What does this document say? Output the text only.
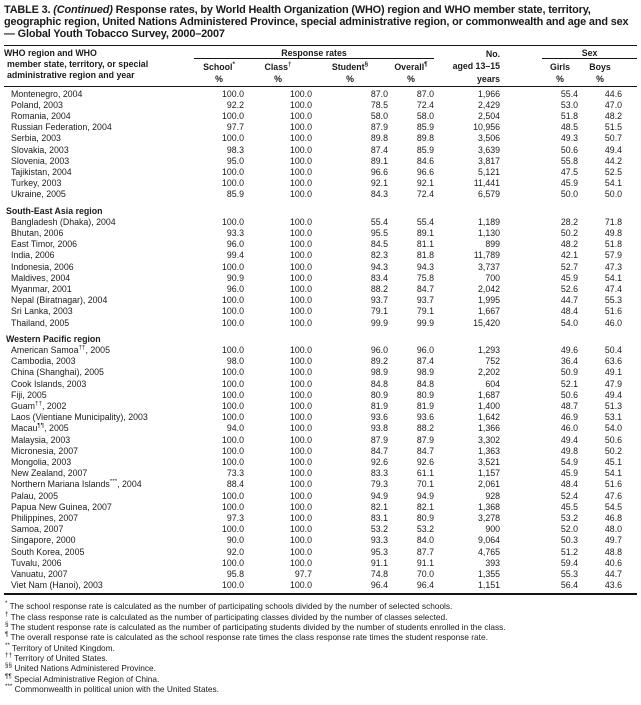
TABLE 3. (Continued) Response rates, by World Health Organization (WHO) region and WHO member state, territory, geographic region, United Nations Administered Province, special administrative region, or commonwealth and age and sex — Global Youth Tobacco Survey, 2000–2007
WHO region and WHO
member state, territory, or special
administrative region and year
	Response rates	No.
aged 13–15
years
		Sex

School*
%

Class†
%

Student§
%

Overall¶
%

Girls
%

Boys
%

Montenegro, 2004	100.0	100.0	87.0	87.0	1,966		55.4	44.6
Poland, 2003	92.2	100.0	78.5	72.4	2,429		53.0	47.0
Romania, 2004	100.0	100.0	58.0	58.0	2,504		51.8	48.2
Russian Federation, 2004	97.7	100.0	87.9	85.9	10,956		48.5	51.5
Serbia, 2003	100.0	100.0	89.8	89.8	3,506		49.3	50.7
Slovakia, 2003	98.3	100.0	87.4	85.9	3,639		50.6	49.4
Slovenia, 2003	95.0	100.0	89.1	84.6	3,817		55.8	44.2
Tajikistan, 2004	100.0	100.0	96.6	96.6	5,121		47.5	52.5
Turkey, 2003	100.0	100.0	92.1	92.1	11,441		45.9	54.1
Ukraine, 2005	85.9	100.0	84.3	72.4	6,579		50.0	50.0
South-East Asia region								
Bangladesh (Dhaka), 2004	100.0	100.0	55.4	55.4	1,189		28.2	71.8
Bhutan, 2006	93.3	100.0	95.5	89.1	1,130		50.2	49.8
East Timor, 2006	96.0	100.0	84.5	81.1	899		48.2	51.8
India, 2006	99.4	100.0	82.3	81.8	11,789		42.1	57.9
Indonesia, 2006	100.0	100.0	94.3	94.3	3,737		52.7	47.3
Maldives, 2004	90.9	100.0	83.4	75.8	700		45.9	54.1
Myanmar, 2001	96.0	100.0	88.2	84.7	2,042		52.6	47.4
Nepal (Biratnagar), 2004	100.0	100.0	93.7	93.7	1,995		44.7	55.3
Sri Lanka, 2003	100.0	100.0	79.1	79.1	1,667		48.4	51.6
Thailand, 2005	100.0	100.0	99.9	99.9	15,420		54.0	46.0
Western Pacific region								
American Samoa††, 2005	100.0	100.0	96.0	96.0	1,293		49.6	50.4
Cambodia, 2003	98.0	100.0	89.2	87.4	752		36.4	63.6
China (Shanghai), 2005	100.0	100.0	98.9	98.9	2,202		50.9	49.1
Cook Islands, 2003	100.0	100.0	84.8	84.8	604		52.1	47.9
Fiji, 2005	100.0	100.0	80.9	80.9	1,687		50.6	49.4
Guam††, 2002	100.0	100.0	81.9	81.9	1,400		48.7	51.3
Laos (Vientiane Municipality), 2003	100.0	100.0	93.6	93.6	1,642		46.9	53.1
Macau¶¶, 2005	94.0	100.0	93.8	88.2	1,366		46.0	54.0
Malaysia, 2003	100.0	100.0	87.9	87.9	3,302		49.4	50.6
Micronesia, 2007	100.0	100.0	84.7	84.7	1,363		49.8	50.2
Mongolia, 2003	100.0	100.0	92.6	92.6	3,521		54.9	45.1
New Zealand, 2007	73.3	100.0	83.3	61.1	1,157		45.9	54.1
Northern Mariana Islands***, 2004	88.4	100.0	79.3	70.1	2,061		48.4	51.6
Palau, 2005	100.0	100.0	94.9	94.9	928		52.4	47.6
Papua New Guinea, 2007	100.0	100.0	82.1	82.1	1,368		45.5	54.5
Philippines, 2007	97.3	100.0	83.1	80.9	3,278		53.2	46.8
Samoa, 2007	100.0	100.0	53.2	53.2	900		52.0	48.0
Singapore, 2000	90.0	100.0	93.3	84.0	9,064		50.3	49.7
South Korea, 2005	92.0	100.0	95.3	87.7	4,765		51.2	48.8
Tuvalu, 2006	100.0	100.0	91.1	91.1	393		59.4	40.6
Vanuatu, 2007	95.8	97.7	74.8	70.0	1,355		55.3	44.7
Viet Nam (Hanoi), 2003	100.0	100.0	96.4	96.4	1,151		56.4	43.6
* The school response rate is calculated as the number of participating schools divided by the number of selected schools.
† The class response rate is calculated as the number of participating classes divided by the number of classes selected.
§ The student response rate is calculated as the number of participating students divided by the number of students enrolled in the class.
¶ The overall response rate is calculated as the school response rate times the class response rate times the student response rate.
** Territory of United Kingdom.
†† Territory of United States.
§§ United Nations Administered Province.
¶¶ Special Administrative Region of China.
*** Commonwealth in political union with the United States.
